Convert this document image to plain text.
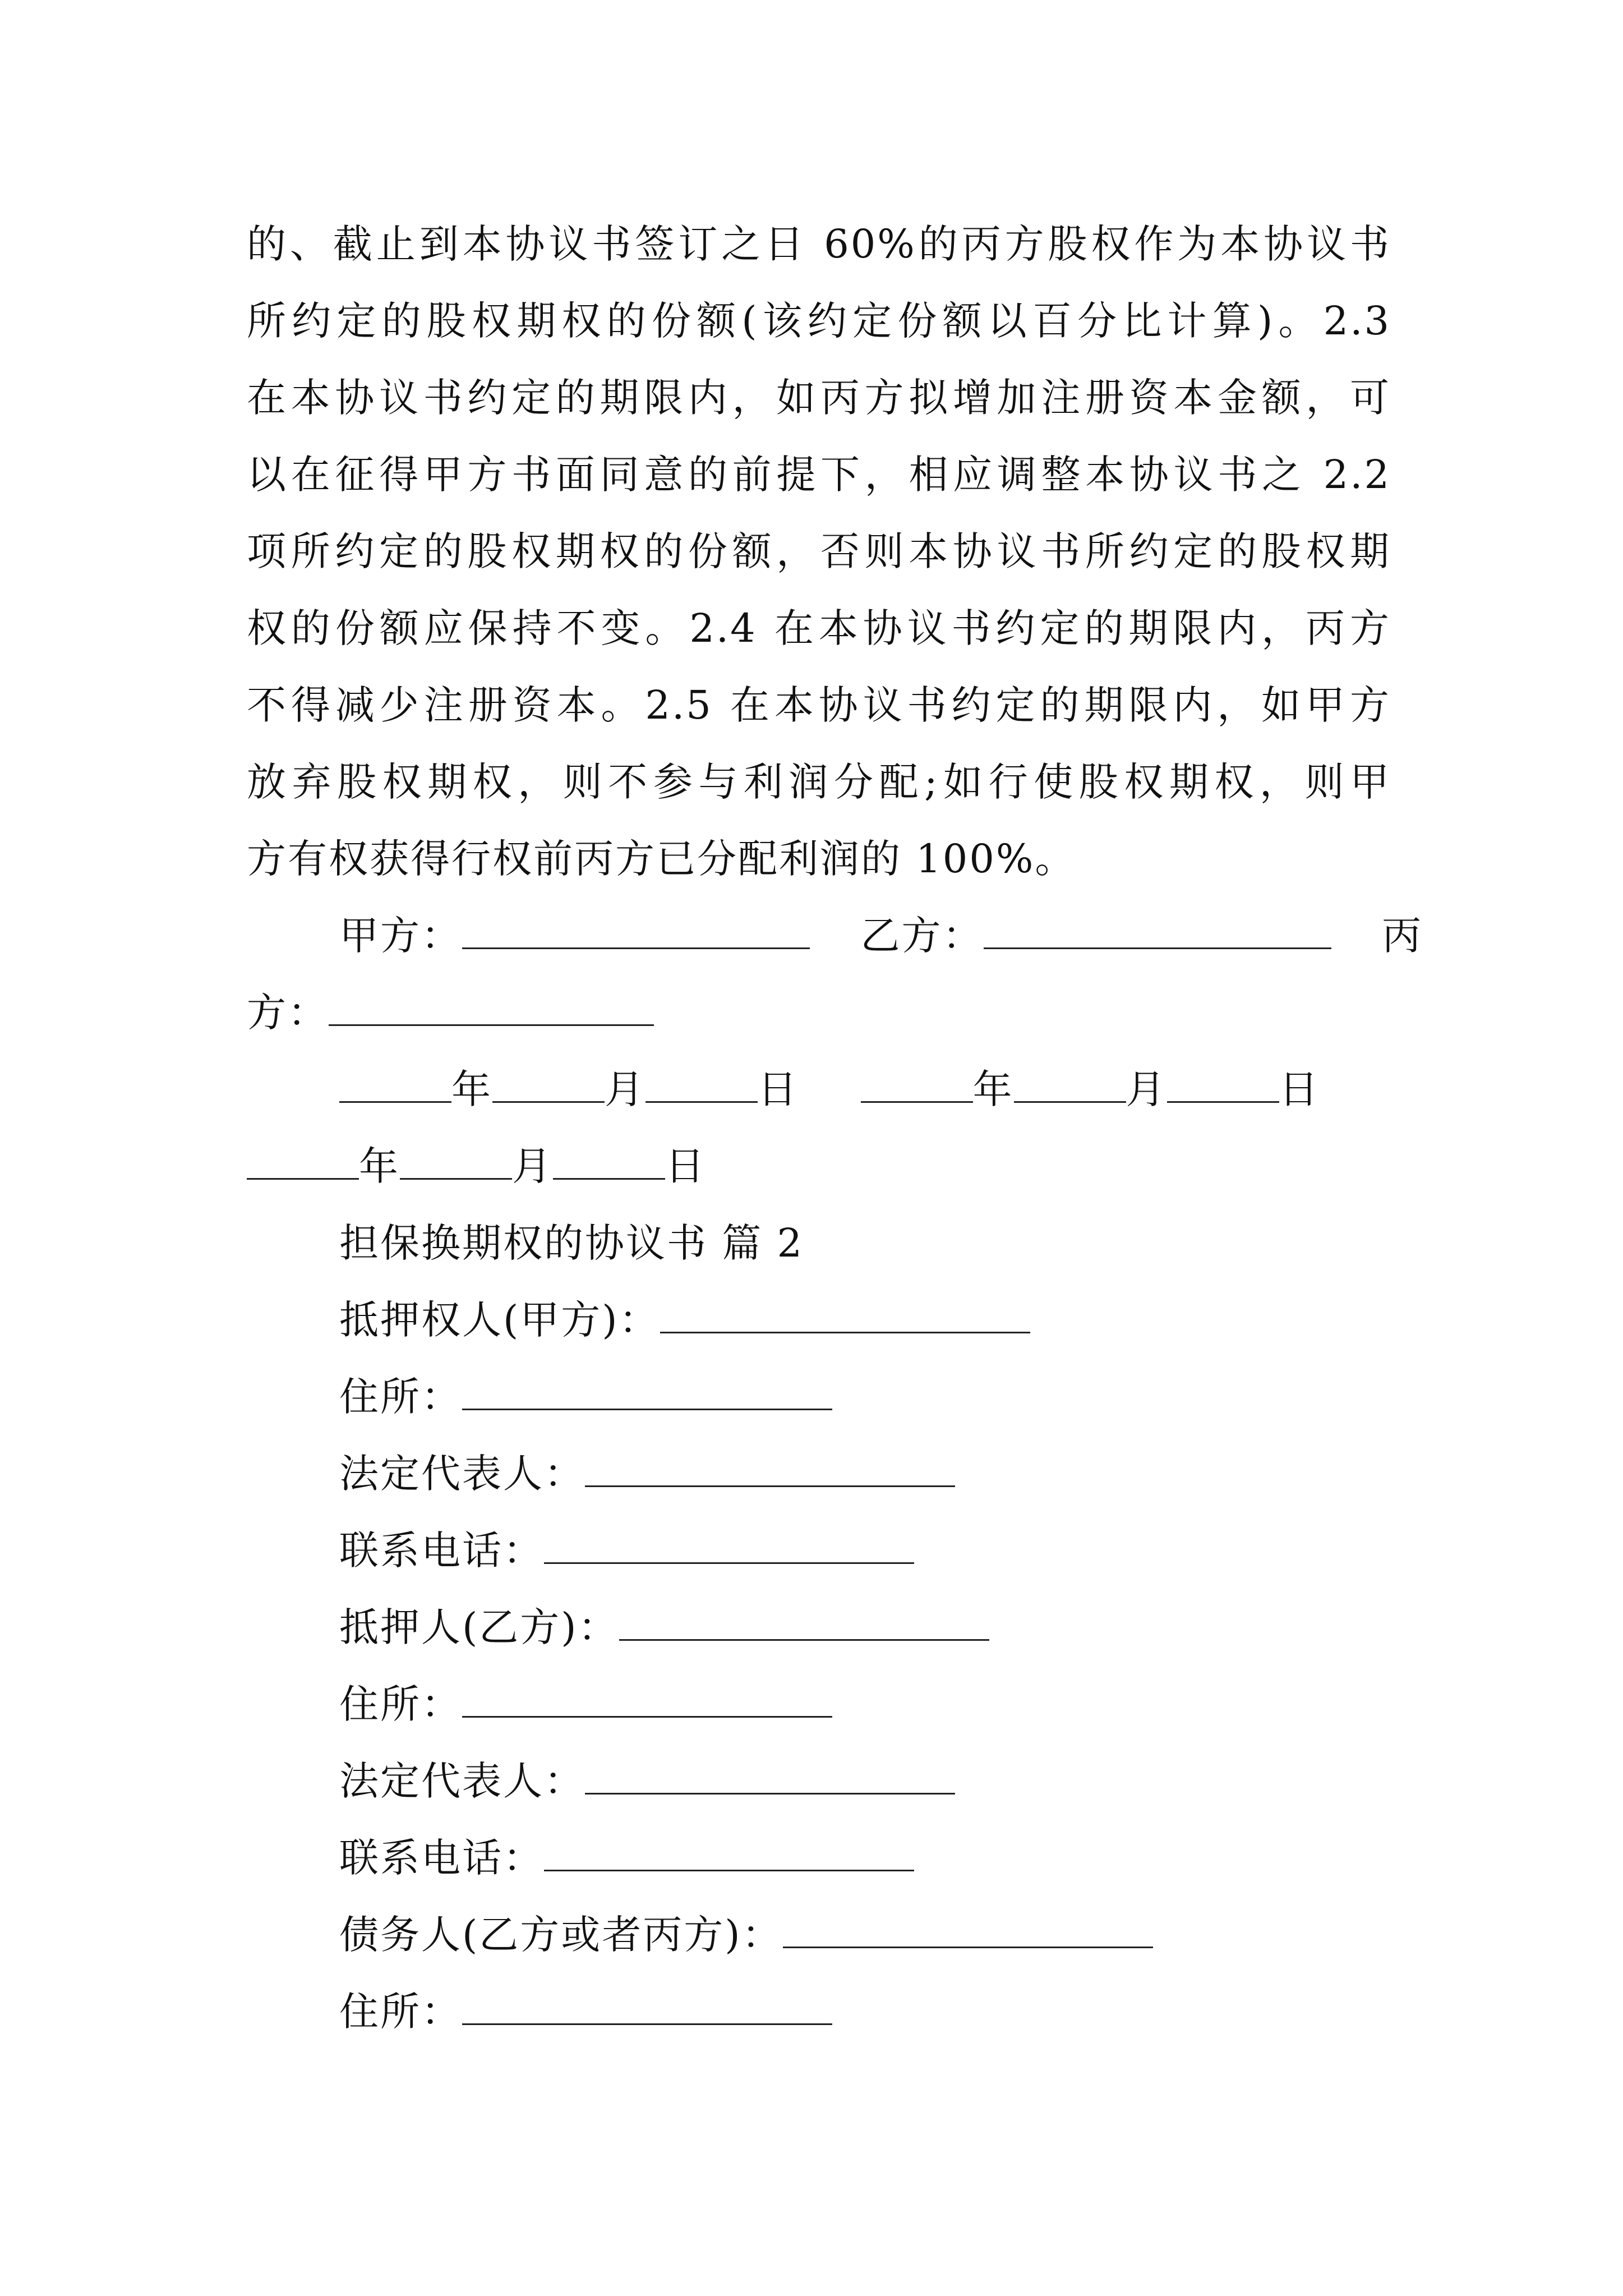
的、截止到本协议书签订之日 60%的丙方股权作为本协议书
所约定的股权期权的份额(该约定份额以百分比计算)。2.3
在本协议书约定的期限内，如丙方拟增加注册资本金额，可
以在征得甲方书面同意的前提下，相应调整本协议书之 2.2
项所约定的股权期权的份额，否则本协议书所约定的股权期
权的份额应保持不变。2.4 在本协议书约定的期限内，丙方
不得减少注册资本。2.5 在本协议书约定的期限内，如甲方
放弃股权期权，则不参与利润分配;如行使股权期权，则甲
方有权获得行权前丙方已分配利润的 100%。
甲方：	乙方：	丙
方：
年	月	日	年	月	日
年	月	日
担保换期权的协议书 篇 2
抵押权人(甲方)：
住所：
法定代表人：
联系电话：
抵押人(乙方)：
住所：
法定代表人：
联系电话：
债务人(乙方或者丙方)：
住所：
